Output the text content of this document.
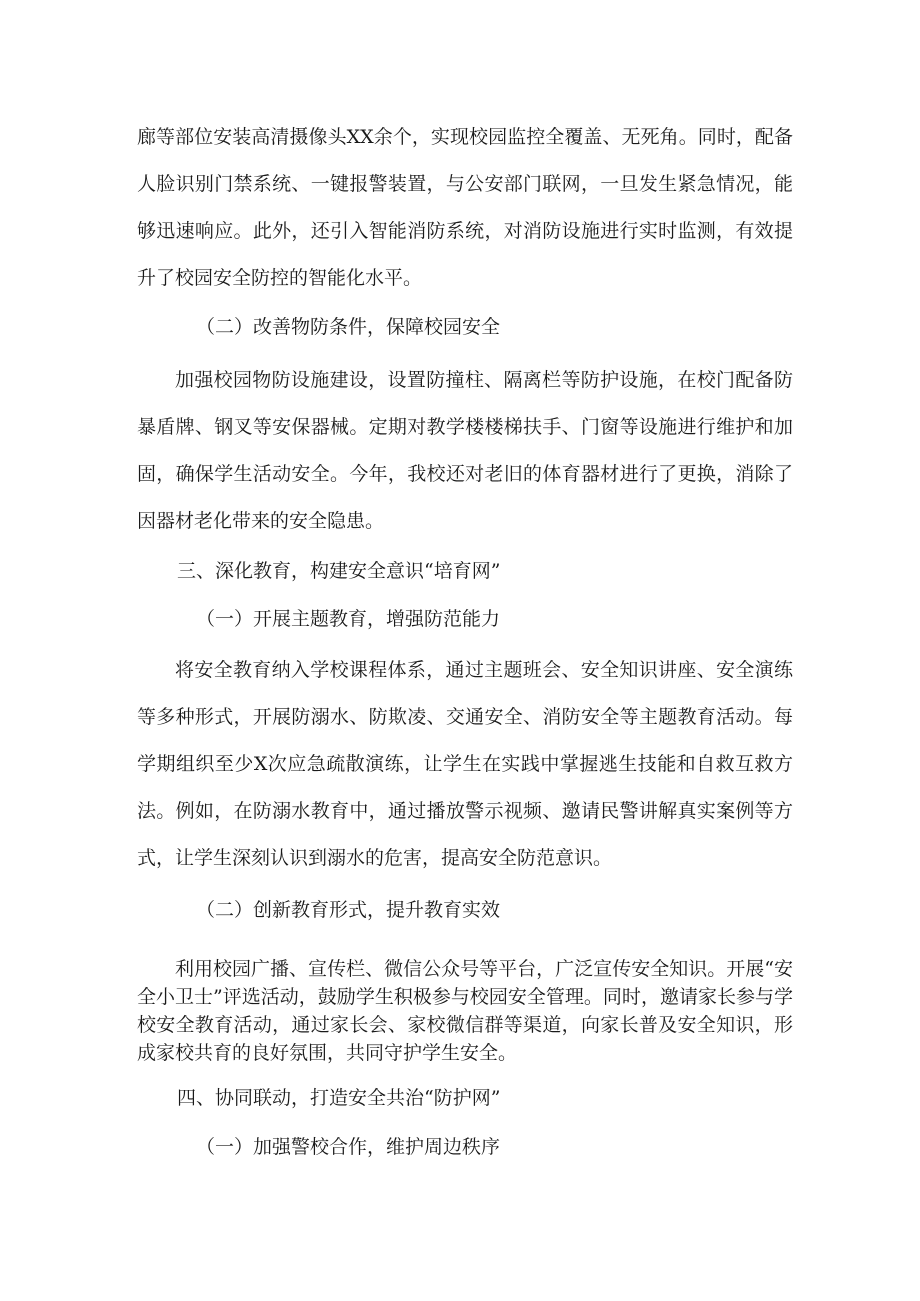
廊等部位安装高清摄像头XX余个，实现校园监控全覆盖、无死角。同时，配备人脸识别门禁系统、一键报警装置，与公安部门联网，一旦发生紧急情况，能够迅速响应。此外，还引入智能消防系统，对消防设施进行实时监测，有效提升了校园安全防控的智能化水平。

（二）改善物防条件，保障校园安全

加强校园物防设施建设，设置防撞柱、隔离栏等防护设施，在校门配备防暴盾牌、钢叉等安保器械。定期对教学楼楼梯扶手、门窗等设施进行维护和加固，确保学生活动安全。今年，我校还对老旧的体育器材进行了更换，消除了因器材老化带来的安全隐患。

三、深化教育，构建安全意识“培育网”

（一）开展主题教育，增强防范能力

将安全教育纳入学校课程体系，通过主题班会、安全知识讲座、安全演练等多种形式，开展防溺水、防欺凌、交通安全、消防安全等主题教育活动。每学期组织至少X次应急疏散演练，让学生在实践中掌握逃生技能和自救互救方法。例如，在防溺水教育中，通过播放警示视频、邀请民警讲解真实案例等方式，让学生深刻认识到溺水的危害，提高安全防范意识。

（二）创新教育形式，提升教育实效

利用校园广播、宣传栏、微信公众号等平台，广泛宣传安全知识。开展“安全小卫士”评选活动，鼓励学生积极参与校园安全管理。同时，邀请家长参与学校安全教育活动，通过家长会、家校微信群等渠道，向家长普及安全知识，形成家校共育的良好氛围，共同守护学生安全。

四、协同联动，打造安全共治“防护网”

（一）加强警校合作，维护周边秩序
